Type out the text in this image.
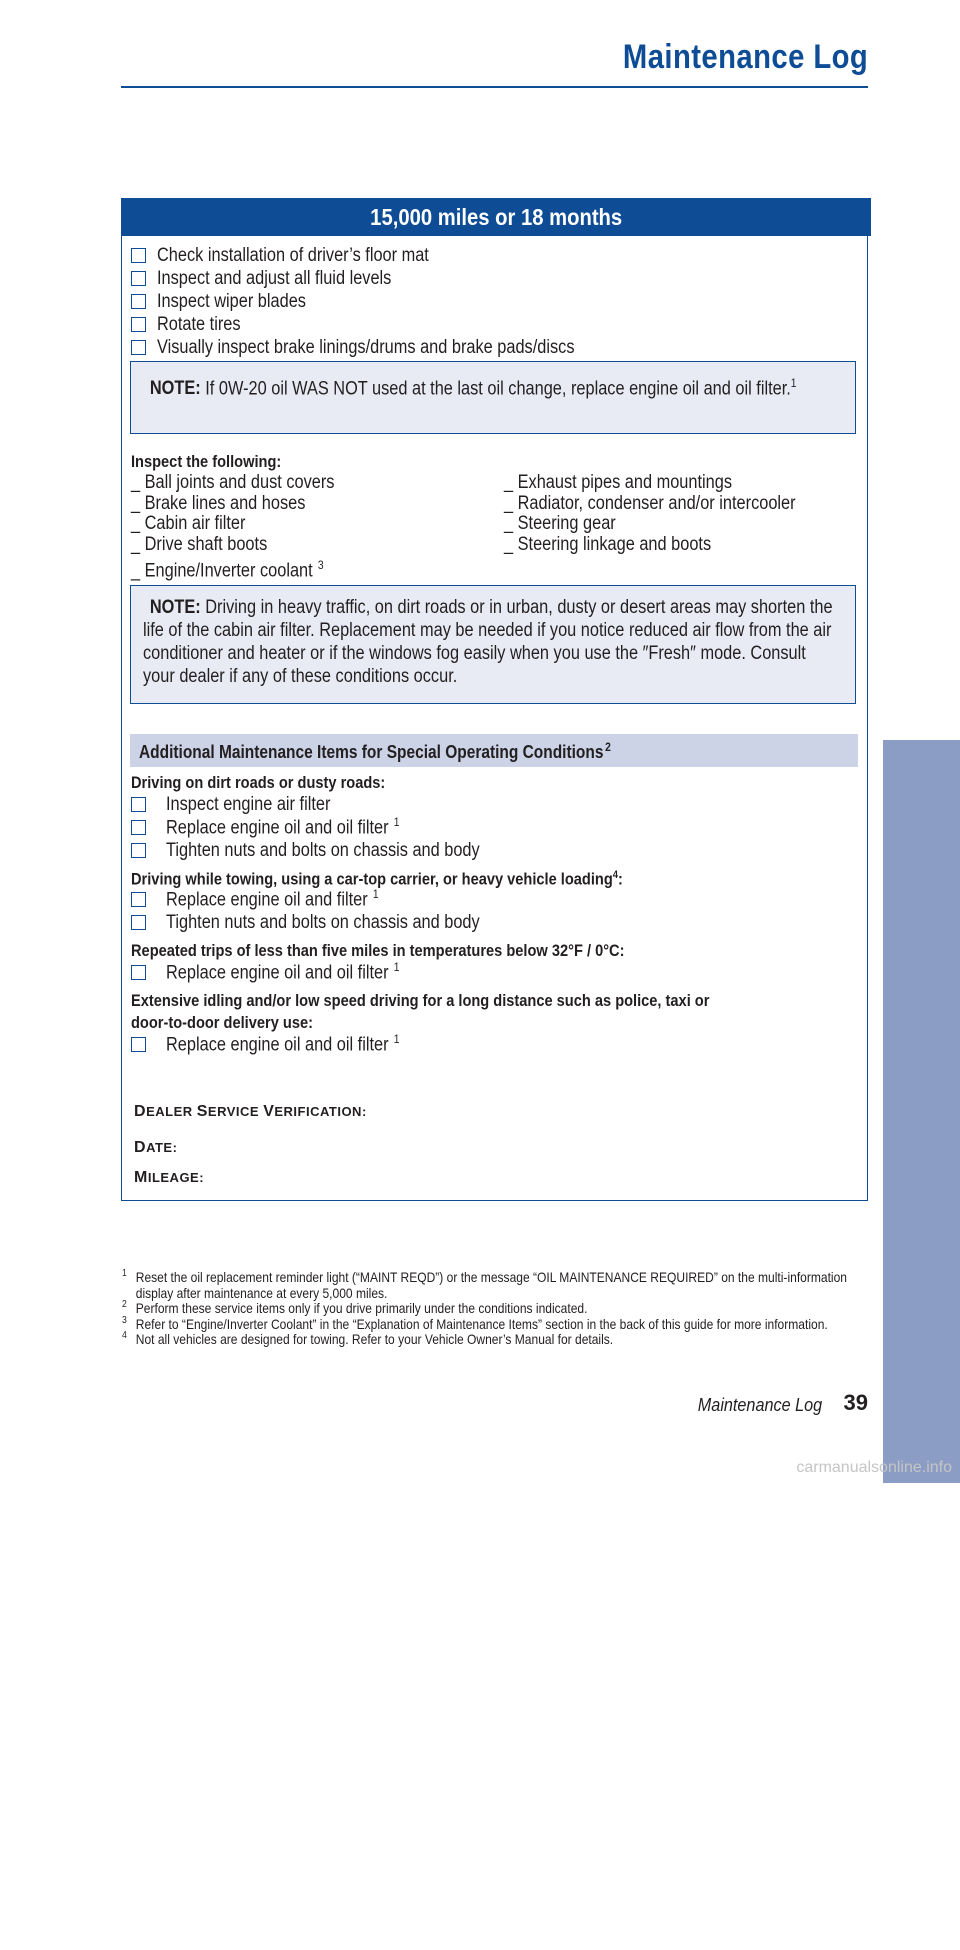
Maintenance Log
MAINTENANCE
15,000 miles or 18 months
Check installation of driver’s floor mat
Inspect and adjust all fluid levels
Inspect wiper blades
Rotate tires
Visually inspect brake linings/drums and brake pads/discs
NOTE: If 0W-20 oil WAS NOT used at the last oil change, replace engine oil and oil filter.$^1$
Inspect the following:
_ Ball joints and dust covers
_ Brake lines and hoses
_ Cabin air filter
_ Drive shaft boots
_ Engine/Inverter coolant $^3$
_ Exhaust pipes and mountings
_ Radiator, condenser and/or intercooler
_ Steering gear
_ Steering linkage and boots
NOTE: Driving in heavy traffic, on dirt roads or in urban, dusty or desert areas may shorten the life of the cabin air filter. Replacement may be needed if you notice reduced air flow from the air conditioner and heater or if the windows fog easily when you use the ″Fresh″ mode. Consult your dealer if any of these conditions occur.
Additional Maintenance Items for Special Operating Conditions $^2$
Driving on dirt roads or dusty roads:
Inspect engine air filter
Replace engine oil and oil filter $^1$
Tighten nuts and bolts on chassis and body
Driving while towing, using a car-top carrier, or heavy vehicle loading$^4$:
Replace engine oil and filter $^1$
Tighten nuts and bolts on chassis and body
Repeated trips of less than five miles in temperatures below 32°F / 0°C:
Replace engine oil and oil filter $^1$
Extensive idling and/or low speed driving for a long distance such as police, taxi or
door-to-door delivery use:
Replace engine oil and oil filter $^1$
DEALER SERVICE VERIFICATION:
DATE:
MILEAGE:
1 Reset the oil replacement reminder light (“MAINT REQD”) or the message “OIL MAINTENANCE REQUIRED” on the multi-information display after maintenance at every 5,000 miles.
2 Perform these service items only if you drive primarily under the conditions indicated.
3 Refer to “Engine/Inverter Coolant” in the “Explanation of Maintenance Items” section in the back of this guide for more information.
4 Not all vehicles are designed for towing. Refer to your Vehicle Owner’s Manual for details.
Maintenance Log 39
carmanualsonline.info
